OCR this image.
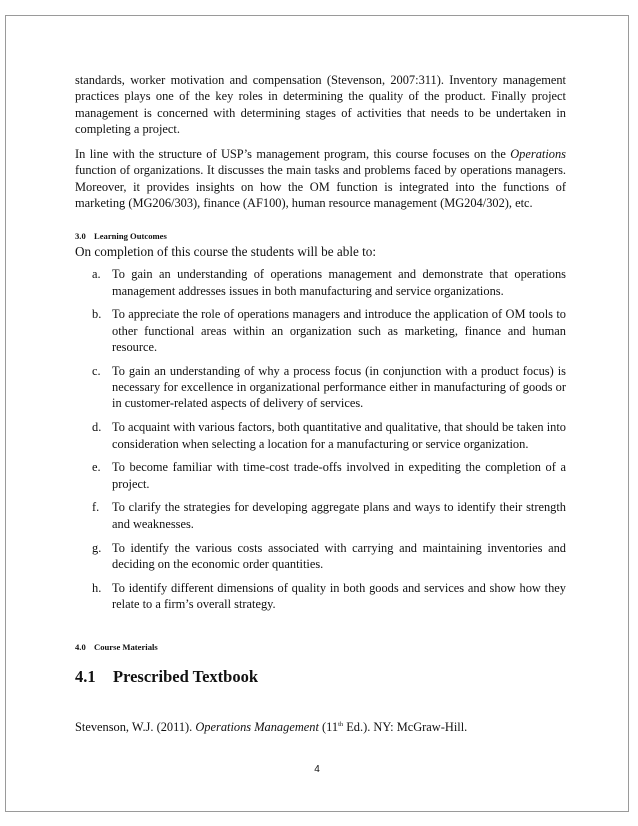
standards, worker motivation and compensation (Stevenson, 2007:311). Inventory management practices plays one of the key roles in determining the quality of the product. Finally project management is concerned with determining stages of activities that needs to be undertaken in completing a project.

In line with the structure of USP’s management program, this course focuses on the Operations function of organizations. It discusses the main tasks and problems faced by operations managers. Moreover, it provides insights on how the OM function is integrated into the functions of marketing (MG206/303), finance (AF100), human resource management (MG204/302), etc.

3.0 Learning Outcomes

On completion of this course the students will be able to:

a. To gain an understanding of operations management and demonstrate that operations management addresses issues in both manufacturing and service organizations.
b. To appreciate the role of operations managers and introduce the application of OM tools to other functional areas within an organization such as marketing, finance and human resource.
c. To gain an understanding of why a process focus (in conjunction with a product focus) is necessary for excellence in organizational performance either in manufacturing of goods or in customer-related aspects of delivery of services.
d. To acquaint with various factors, both quantitative and qualitative, that should be taken into consideration when selecting a location for a manufacturing or service organization.
e. To become familiar with time-cost trade-offs involved in expediting the completion of a project.
f. To clarify the strategies for developing aggregate plans and ways to identify their strength and weaknesses.
g. To identify the various costs associated with carrying and maintaining inventories and deciding on the economic order quantities.
h. To identify different dimensions of quality in both goods and services and show how they relate to a firm’s overall strategy.
4.0 Course Materials
4.1 Prescribed Textbook

Stevenson, W.J. (2011). Operations Management (11th Ed.). NY: McGraw-Hill.

4
